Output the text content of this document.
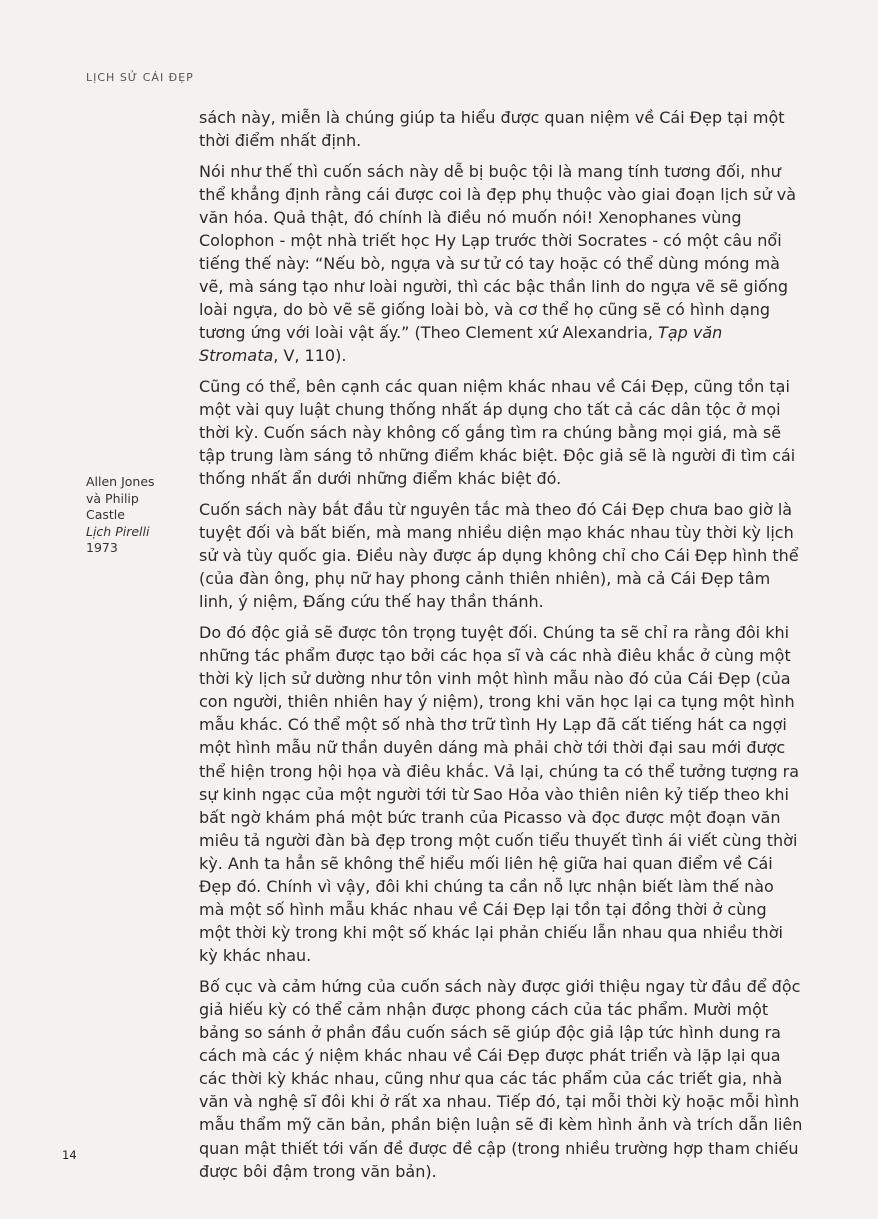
LỊCH SỬ CÁI ĐẸP
Allen Jones
và Philip
Castle
Lịch Pirelli
1973

sách này, miễn là chúng giúp ta hiểu được quan niệm về Cái Đẹp tại một thời điểm nhất định.

Nói như thế thì cuốn sách này dễ bị buộc tội là mang tính tương đối, như thể khẳng định rằng cái được coi là đẹp phụ thuộc vào giai đoạn lịch sử và văn hóa. Quả thật, đó chính là điều nó muốn nói! Xenophanes vùng Colophon - một nhà triết học Hy Lạp trước thời Socrates - có một câu nổi tiếng thế này: “Nếu bò, ngựa và sư tử có tay hoặc có thể dùng móng mà vẽ, mà sáng tạo như loài người, thì các bậc thần linh do ngựa vẽ sẽ giống loài ngựa, do bò vẽ sẽ giống loài bò, và cơ thể họ cũng sẽ có hình dạng tương ứng với loài vật ấy.” (Theo Clement xứ Alexandria, Tạp văn Stromata, V, 110).

Cũng có thể, bên cạnh các quan niệm khác nhau về Cái Đẹp, cũng tồn tại một vài quy luật chung thống nhất áp dụng cho tất cả các dân tộc ở mọi thời kỳ. Cuốn sách này không cố gắng tìm ra chúng bằng mọi giá, mà sẽ tập trung làm sáng tỏ những điểm khác biệt. Độc giả sẽ là người đi tìm cái thống nhất ẩn dưới những điểm khác biệt đó.

Cuốn sách này bắt đầu từ nguyên tắc mà theo đó Cái Đẹp chưa bao giờ là tuyệt đối và bất biến, mà mang nhiều diện mạo khác nhau tùy thời kỳ lịch sử và tùy quốc gia. Điều này được áp dụng không chỉ cho Cái Đẹp hình thể (của đàn ông, phụ nữ hay phong cảnh thiên nhiên), mà cả Cái Đẹp tâm linh, ý niệm, Đấng cứu thế hay thần thánh.

Do đó độc giả sẽ được tôn trọng tuyệt đối. Chúng ta sẽ chỉ ra rằng đôi khi những tác phẩm được tạo bởi các họa sĩ và các nhà điêu khắc ở cùng một thời kỳ lịch sử dường như tôn vinh một hình mẫu nào đó của Cái Đẹp (của con người, thiên nhiên hay ý niệm), trong khi văn học lại ca tụng một hình mẫu khác. Có thể một số nhà thơ trữ tình Hy Lạp đã cất tiếng hát ca ngợi một hình mẫu nữ thần duyên dáng mà phải chờ tới thời đại sau mới được thể hiện trong hội họa và điêu khắc. Vả lại, chúng ta có thể tưởng tượng ra sự kinh ngạc của một người tới từ Sao Hỏa vào thiên niên kỷ tiếp theo khi bất ngờ khám phá một bức tranh của Picasso và đọc được một đoạn văn miêu tả người đàn bà đẹp trong một cuốn tiểu thuyết tình ái viết cùng thời kỳ. Anh ta hẳn sẽ không thể hiểu mối liên hệ giữa hai quan điểm về Cái Đẹp đó. Chính vì vậy, đôi khi chúng ta cần nỗ lực nhận biết làm thế nào mà một số hình mẫu khác nhau về Cái Đẹp lại tồn tại đồng thời ở cùng một thời kỳ trong khi một số khác lại phản chiếu lẫn nhau qua nhiều thời kỳ khác nhau.

Bố cục và cảm hứng của cuốn sách này được giới thiệu ngay từ đầu để độc giả hiếu kỳ có thể cảm nhận được phong cách của tác phẩm. Mười một bảng so sánh ở phần đầu cuốn sách sẽ giúp độc giả lập tức hình dung ra cách mà các ý niệm khác nhau về Cái Đẹp được phát triển và lặp lại qua các thời kỳ khác nhau, cũng như qua các tác phẩm của các triết gia, nhà văn và nghệ sĩ đôi khi ở rất xa nhau. Tiếp đó, tại mỗi thời kỳ hoặc mỗi hình mẫu thẩm mỹ căn bản, phần biện luận sẽ đi kèm hình ảnh và trích dẫn liên quan mật thiết tới vấn đề được đề cập (trong nhiều trường hợp tham chiếu được bôi đậm trong văn bản).

14
